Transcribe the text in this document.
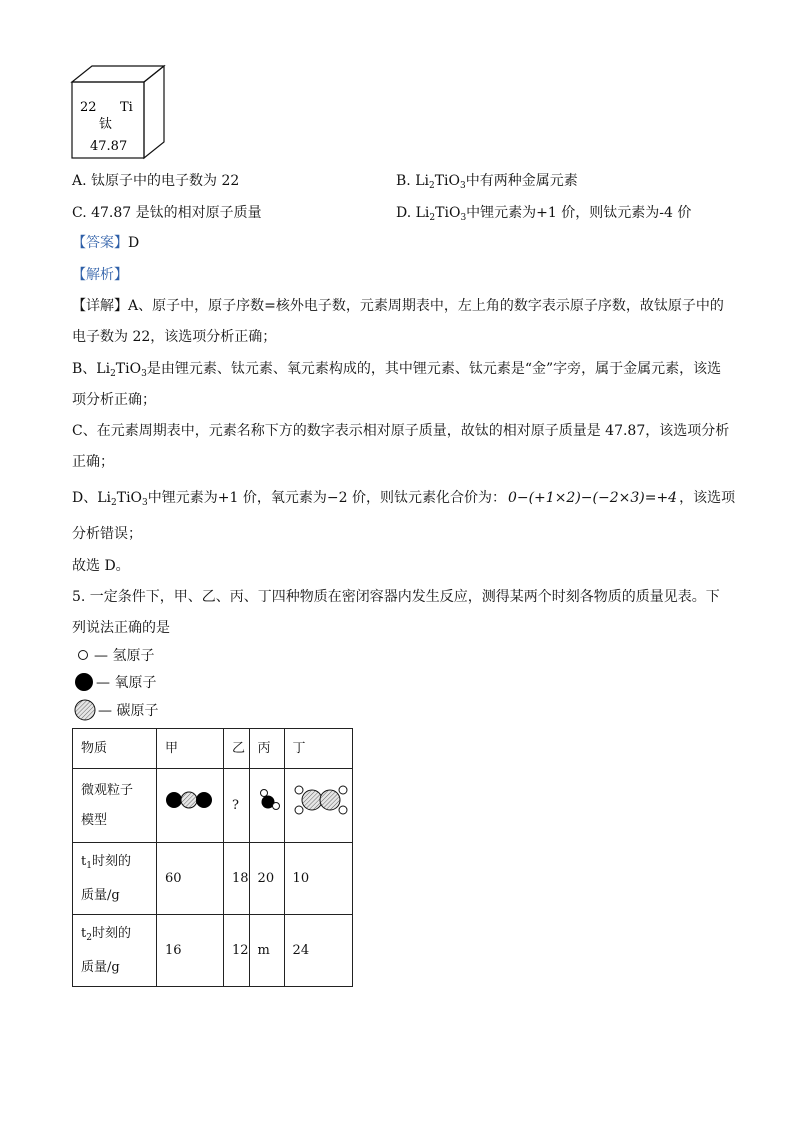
22 Ti
钛
47.87
A. 钛原子中的电子数为 22	B. $Li_2TiO_3$中有两种金属元素
C. 47.87 是钛的相对原子质量	D. $Li_2TiO_3$中锂元素为+1 价，则钛元素为-4 价
【答案】D
【解析】
【详解】A、原子中，原子序数=核外电子数，元素周期表中，左上角的数字表示原子序数，故钛原子中的
电子数为 22，该选项分析正确；
B、$Li_2TiO_3$是由锂元素、钛元素、氧元素构成的，其中锂元素、钛元素是“金”字旁，属于金属元素，该选
项分析正确；
C、在元素周期表中，元素名称下方的数字表示相对原子质量，故钛的相对原子质量是 47.87，该选项分析
正确；
D、$Li_2TiO_3$中锂元素为+1 价，氧元素为−2 价，则钛元素化合价为： 0−(+1×2)−(−2×3)=+4 ，该选项
分析错误；
故选 D。
5. 一定条件下，甲、乙、丙、丁四种物质在密闭容器内发生反应，测得某两个时刻各物质的质量见表。下
列说法正确的是
— 氢原子
— 氧原子
— 碳原子
物质	甲	乙	丙	丁

微观粒子
模型		?		

$t_1$时刻的
质量/g	60	18	20	10

$t_2$时刻的
质量/g	16	12	m	24
